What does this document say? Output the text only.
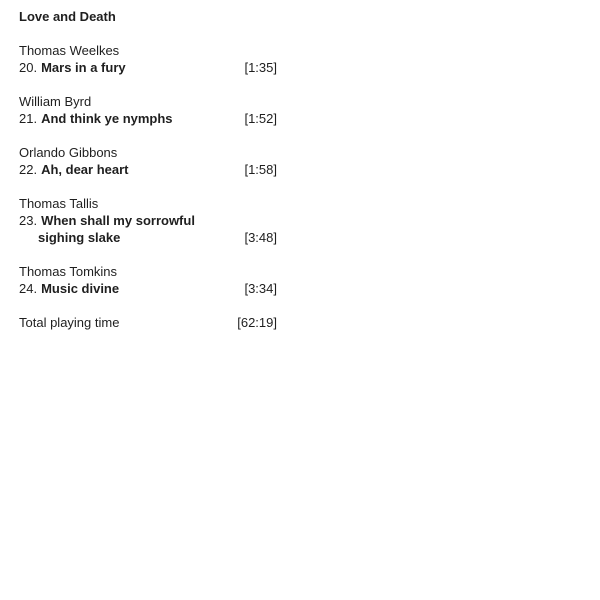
Love and Death
Thomas Weelkes
20. Mars in a fury	[1:35]
William Byrd
21. And think ye nymphs	[1:52]
Orlando Gibbons
22. Ah, dear heart	[1:58]
Thomas Tallis
23. When shall my sorrowful
sighing slake	[3:48]
Thomas Tomkins
24. Music divine	[3:34]
Total playing time	[62:19]
